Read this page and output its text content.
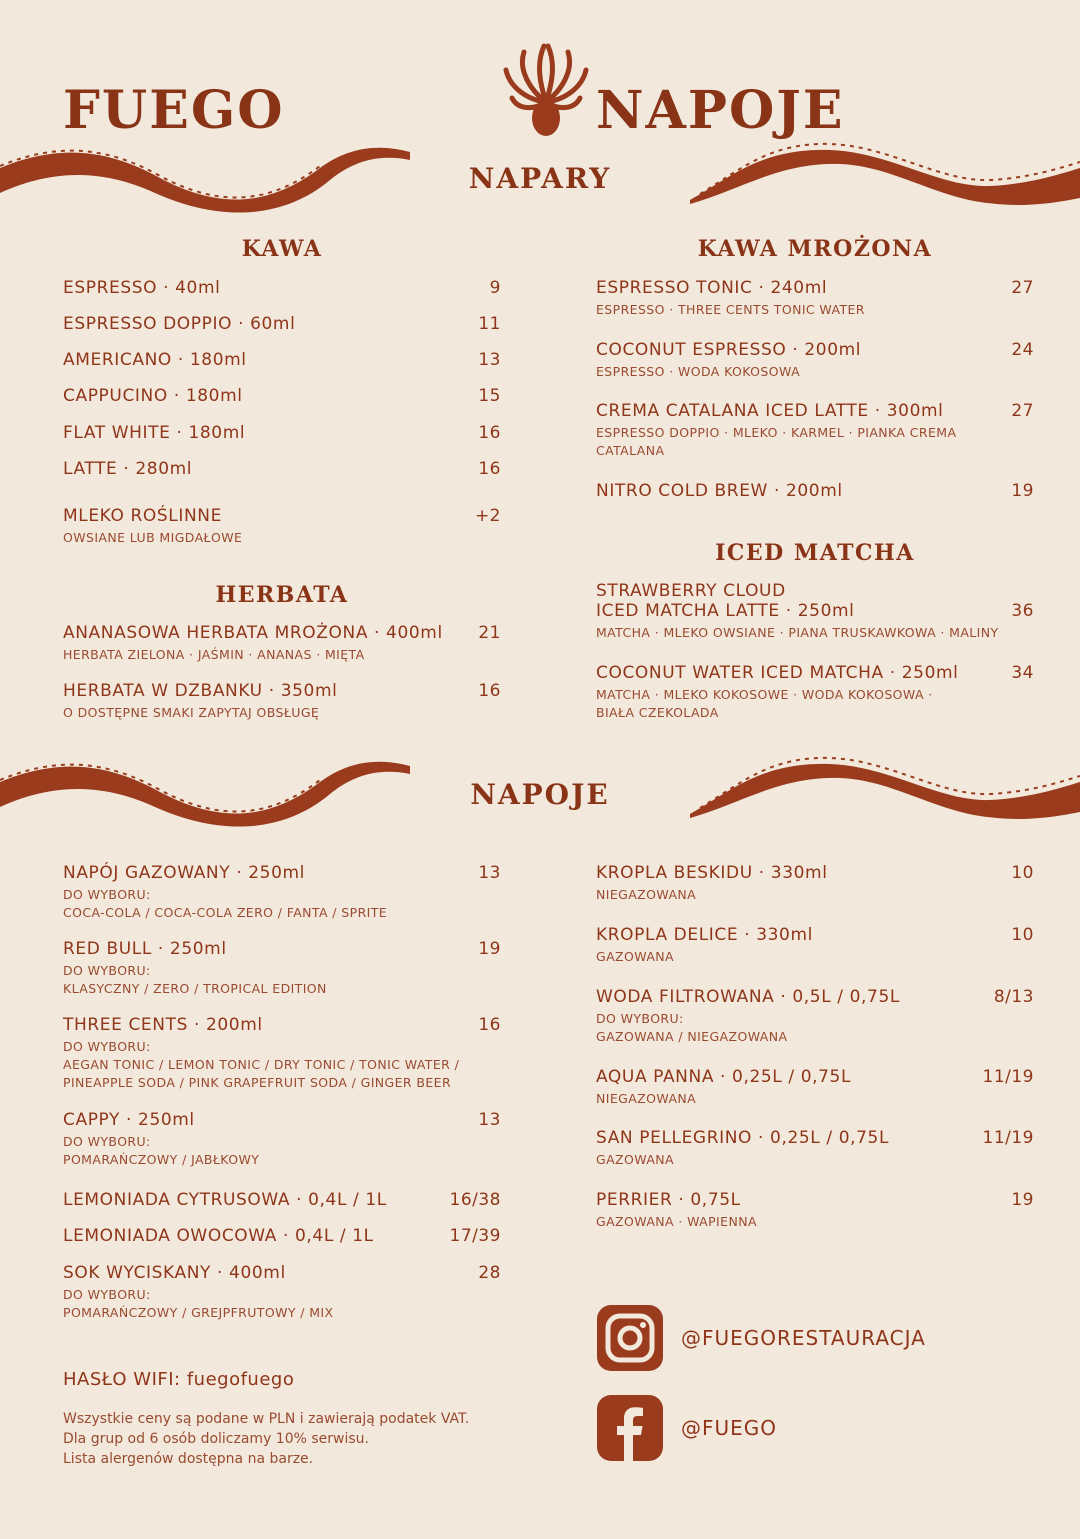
FUEGO	NAPOJE
NAPARY
NAPOJE
KAWA
ESPRESSO · 40ml	9
ESPRESSO DOPPIO · 60ml	11
AMERICANO · 180ml	13
CAPPUCINO · 180ml	15
FLAT WHITE · 180ml	16
LATTE · 280ml	16
MLEKO ROŚLINNE	+2
OWSIANE LUB MIGDAŁOWE
HERBATA
ANANASOWA HERBATA MROŻONA · 400ml 21
HERBATA ZIELONA · JAŚMIN · ANANAS · MIĘTA
HERBATA W DZBANKU · 350ml	16
O DOSTĘPNE SMAKI ZAPYTAJ OBSŁUGĘ
KAWA MROŻONA
ESPRESSO TONIC · 240ml	27
ESPRESSO · THREE CENTS TONIC WATER
COCONUT ESPRESSO · 200ml	24
ESPRESSO · WODA KOKOSOWA
CREMA CATALANA ICED LATTE · 300ml	27
ESPRESSO DOPPIO · MLEKO · KARMEL · PIANKA CREMA
CATALANA
NITRO COLD BREW · 200ml	19
ICED MATCHA
STRAWBERRY CLOUD
ICED MATCHA LATTE · 250ml	36
MATCHA · MLEKO OWSIANE · PIANA TRUSKAWKOWA · MALINY
COCONUT WATER ICED MATCHA · 250ml	34
MATCHA · MLEKO KOKOSOWE · WODA KOKOSOWA ·
BIAŁA CZEKOLADA
NAPÓJ GAZOWANY · 250ml	13
DO WYBORU:
COCA-COLA / COCA-COLA ZERO / FANTA / SPRITE
RED BULL · 250ml	19
DO WYBORU:
KLASYCZNY / ZERO / TROPICAL EDITION
THREE CENTS · 200ml	16
DO WYBORU:
AEGAN TONIC / LEMON TONIC / DRY TONIC / TONIC WATER /
PINEAPPLE SODA / PINK GRAPEFRUIT SODA / GINGER BEER
CAPPY · 250ml	13
DO WYBORU:
POMARAŃCZOWY / JABŁKOWY
LEMONIADA CYTRUSOWA · 0,4L / 1L	16/38
LEMONIADA OWOCOWA · 0,4L / 1L	17/39
SOK WYCISKANY · 400ml	28
DO WYBORU:
POMARAŃCZOWY / GREJPFRUTOWY / MIX
KROPLA BESKIDU · 330ml	10
NIEGAZOWANA
KROPLA DELICE · 330ml	10
GAZOWANA
WODA FILTROWANA · 0,5L / 0,75L	8/13
DO WYBORU:
GAZOWANA / NIEGAZOWANA
AQUA PANNA · 0,25L / 0,75L	11/19
NIEGAZOWANA
SAN PELLEGRINO · 0,25L / 0,75L	11/19
GAZOWANA
PERRIER · 0,75L	19
GAZOWANA · WAPIENNA
HASŁO WIFI: fuegofuego
Wszystkie ceny są podane w PLN i zawierają podatek VAT.
Dla grup od 6 osób doliczamy 10% serwisu.
Lista alergenów dostępna na barze.
@FUEGORESTAURACJA
@FUEGO
